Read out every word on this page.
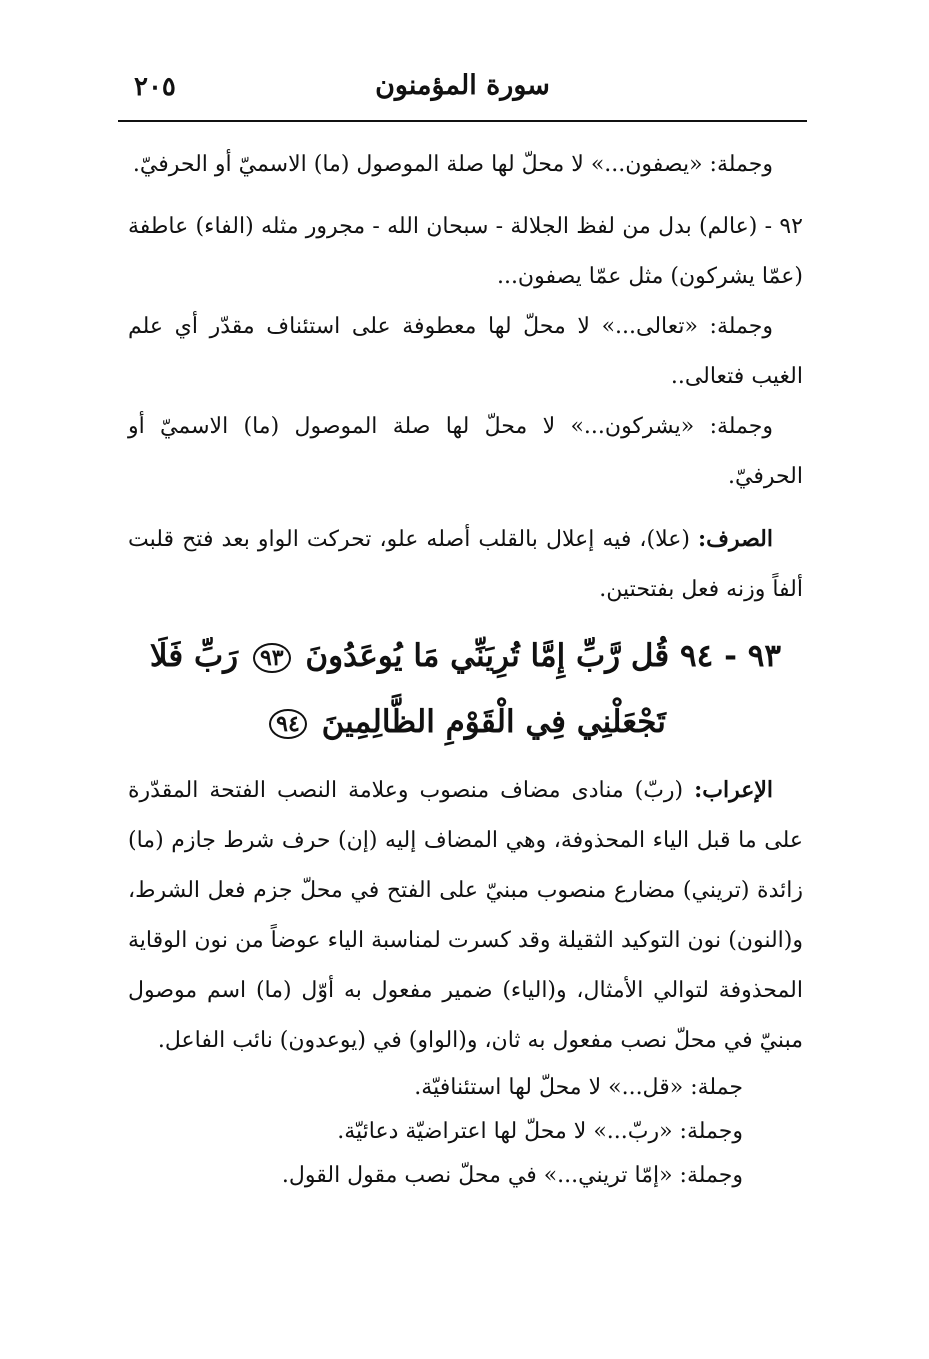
٢٠٥	سورة المؤمنون

وجملة: «يصفون...» لا محلّ لها صلة الموصول (ما) الاسميّ أو الحرفيّ.

٩٢ - (عالم) بدل من لفظ الجلالة - سبحان الله - مجرور مثله (الفاء) عاطفة (عمّا يشركون) مثل عمّا يصفون...

وجملة: «تعالى...» لا محلّ لها معطوفة على استئناف مقدّر أي علم الغيب فتعالى..

وجملة: «يشركون...» لا محلّ لها صلة الموصول (ما) الاسميّ أو الحرفيّ.

الصرف: (علا)، فيه إعلال بالقلب أصله علو، تحركت الواو بعد فتح قلبت ألفاً وزنه فعل بفتحتين.

٩٣ - ٩٤ قُل رَّبِّ إِمَّا تُرِيَنِّي مَا يُوعَدُونَ ٩٣ رَبِّ فَلَا تَجْعَلْنِي فِي الْقَوْمِ الظَّالِمِينَ ٩٤

الإعراب: (ربّ) منادى مضاف منصوب وعلامة النصب الفتحة المقدّرة على ما قبل الياء المحذوفة، وهي المضاف إليه (إن) حرف شرط جازم (ما) زائدة (تريني) مضارع منصوب مبنيّ على الفتح في محلّ جزم فعل الشرط، و(النون) نون التوكيد الثقيلة وقد كسرت لمناسبة الياء عوضاً من نون الوقاية المحذوفة لتوالي الأمثال، و(الياء) ضمير مفعول به أوّل (ما) اسم موصول مبنيّ في محلّ نصب مفعول به ثان، و(الواو) في (يوعدون) نائب الفاعل.

جملة: «قل...» لا محلّ لها استئنافيّة.

وجملة: «ربّ...» لا محلّ لها اعتراضيّة دعائيّة.

وجملة: «إمّا تريني...» في محلّ نصب مقول القول.
